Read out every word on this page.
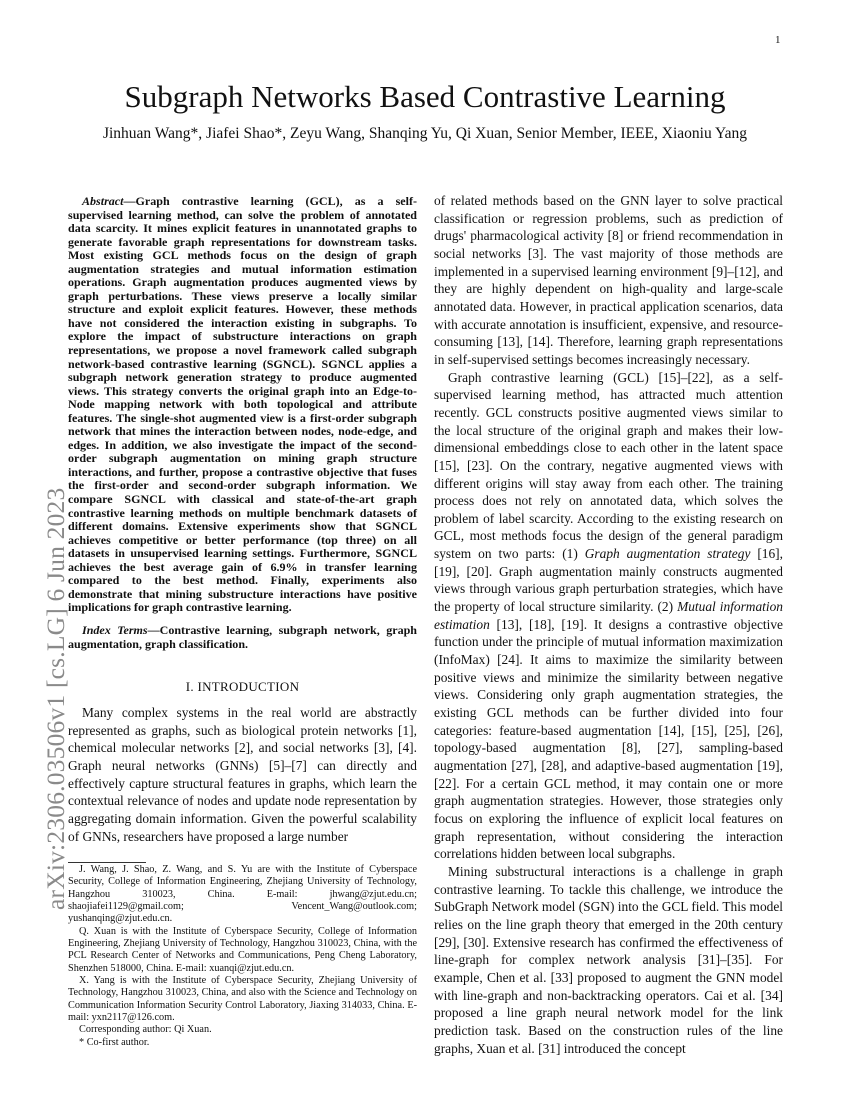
1
arXiv:2306.03506v1 [cs.LG] 6 Jun 2023
Subgraph Networks Based Contrastive Learning
Jinhuan Wang*, Jiafei Shao*, Zeyu Wang, Shanqing Yu, Qi Xuan, Senior Member, IEEE, Xiaoniu Yang

Abstract—Graph contrastive learning (GCL), as a self-supervised learning method, can solve the problem of annotated data scarcity. It mines explicit features in unannotated graphs to generate favorable graph representations for downstream tasks. Most existing GCL methods focus on the design of graph augmentation strategies and mutual information estimation operations. Graph augmentation produces augmented views by graph perturbations. These views preserve a locally similar structure and exploit explicit features. However, these methods have not considered the interaction existing in subgraphs. To explore the impact of substructure interactions on graph representations, we propose a novel framework called subgraph network-based contrastive learning (SGNCL). SGNCL applies a subgraph network generation strategy to produce augmented views. This strategy converts the original graph into an Edge-to-Node mapping network with both topological and attribute features. The single-shot augmented view is a first-order subgraph network that mines the interaction between nodes, node-edge, and edges. In addition, we also investigate the impact of the second-order subgraph augmentation on mining graph structure interactions, and further, propose a contrastive objective that fuses the first-order and second-order subgraph information. We compare SGNCL with classical and state-of-the-art graph contrastive learning methods on multiple benchmark datasets of different domains. Extensive experiments show that SGNCL achieves competitive or better performance (top three) on all datasets in unsupervised learning settings. Furthermore, SGNCL achieves the best average gain of 6.9% in transfer learning compared to the best method. Finally, experiments also demonstrate that mining substructure interactions have positive implications for graph contrastive learning.

Index Terms—Contrastive learning, subgraph network, graph augmentation, graph classification.

I. INTRODUCTION

Many complex systems in the real world are abstractly represented as graphs, such as biological protein networks [1], chemical molecular networks [2], and social networks [3], [4]. Graph neural networks (GNNs) [5]–[7] can directly and effectively capture structural features in graphs, which learn the contextual relevance of nodes and update node representation by aggregating domain information. Given the powerful scalability of GNNs, researchers have proposed a large number

J. Wang, J. Shao, Z. Wang, and S. Yu are with the Institute of Cyberspace Security, College of Information Engineering, Zhejiang University of Technology, Hangzhou 310023, China. E-mail: jhwang@zjut.edu.cn; shaojiafei1129@gmail.com; Vencent_Wang@outlook.com; yushanqing@zjut.edu.cn.

Q. Xuan is with the Institute of Cyberspace Security, College of Information Engineering, Zhejiang University of Technology, Hangzhou 310023, China, with the PCL Research Center of Networks and Communications, Peng Cheng Laboratory, Shenzhen 518000, China. E-mail: xuanqi@zjut.edu.cn.

X. Yang is with the Institute of Cyberspace Security, Zhejiang University of Technology, Hangzhou 310023, China, and also with the Science and Technology on Communication Information Security Control Laboratory, Jiaxing 314033, China. E-mail: yxn2117@126.com.

Corresponding author: Qi Xuan.

* Co-first author.

of related methods based on the GNN layer to solve practical classification or regression problems, such as prediction of drugs' pharmacological activity [8] or friend recommendation in social networks [3]. The vast majority of those methods are implemented in a supervised learning environment [9]–[12], and they are highly dependent on high-quality and large-scale annotated data. However, in practical application scenarios, data with accurate annotation is insufficient, expensive, and resource-consuming [13], [14]. Therefore, learning graph representations in self-supervised settings becomes increasingly necessary.

Graph contrastive learning (GCL) [15]–[22], as a self-supervised learning method, has attracted much attention recently. GCL constructs positive augmented views similar to the local structure of the original graph and makes their low-dimensional embeddings close to each other in the latent space [15], [23]. On the contrary, negative augmented views with different origins will stay away from each other. The training process does not rely on annotated data, which solves the problem of label scarcity. According to the existing research on GCL, most methods focus the design of the general paradigm system on two parts: (1) Graph augmentation strategy [16], [19], [20]. Graph augmentation mainly constructs augmented views through various graph perturbation strategies, which have the property of local structure similarity. (2) Mutual information estimation [13], [18], [19]. It designs a contrastive objective function under the principle of mutual information maximization (InfoMax) [24]. It aims to maximize the similarity between positive views and minimize the similarity between negative views. Considering only graph augmentation strategies, the existing GCL methods can be further divided into four categories: feature-based augmentation [14], [15], [25], [26], topology-based augmentation [8], [27], sampling-based augmentation [27], [28], and adaptive-based augmentation [19], [22]. For a certain GCL method, it may contain one or more graph augmentation strategies. However, those strategies only focus on exploring the influence of explicit local features on graph representation, without considering the interaction correlations hidden between local subgraphs.

Mining substructural interactions is a challenge in graph contrastive learning. To tackle this challenge, we introduce the SubGraph Network model (SGN) into the GCL field. This model relies on the line graph theory that emerged in the 20th century [29], [30]. Extensive research has confirmed the effectiveness of line-graph for complex network analysis [31]–[35]. For example, Chen et al. [33] proposed to augment the GNN model with line-graph and non-backtracking operators. Cai et al. [34] proposed a line graph neural network model for the link prediction task. Based on the construction rules of the line graphs, Xuan et al. [31] introduced the concept
